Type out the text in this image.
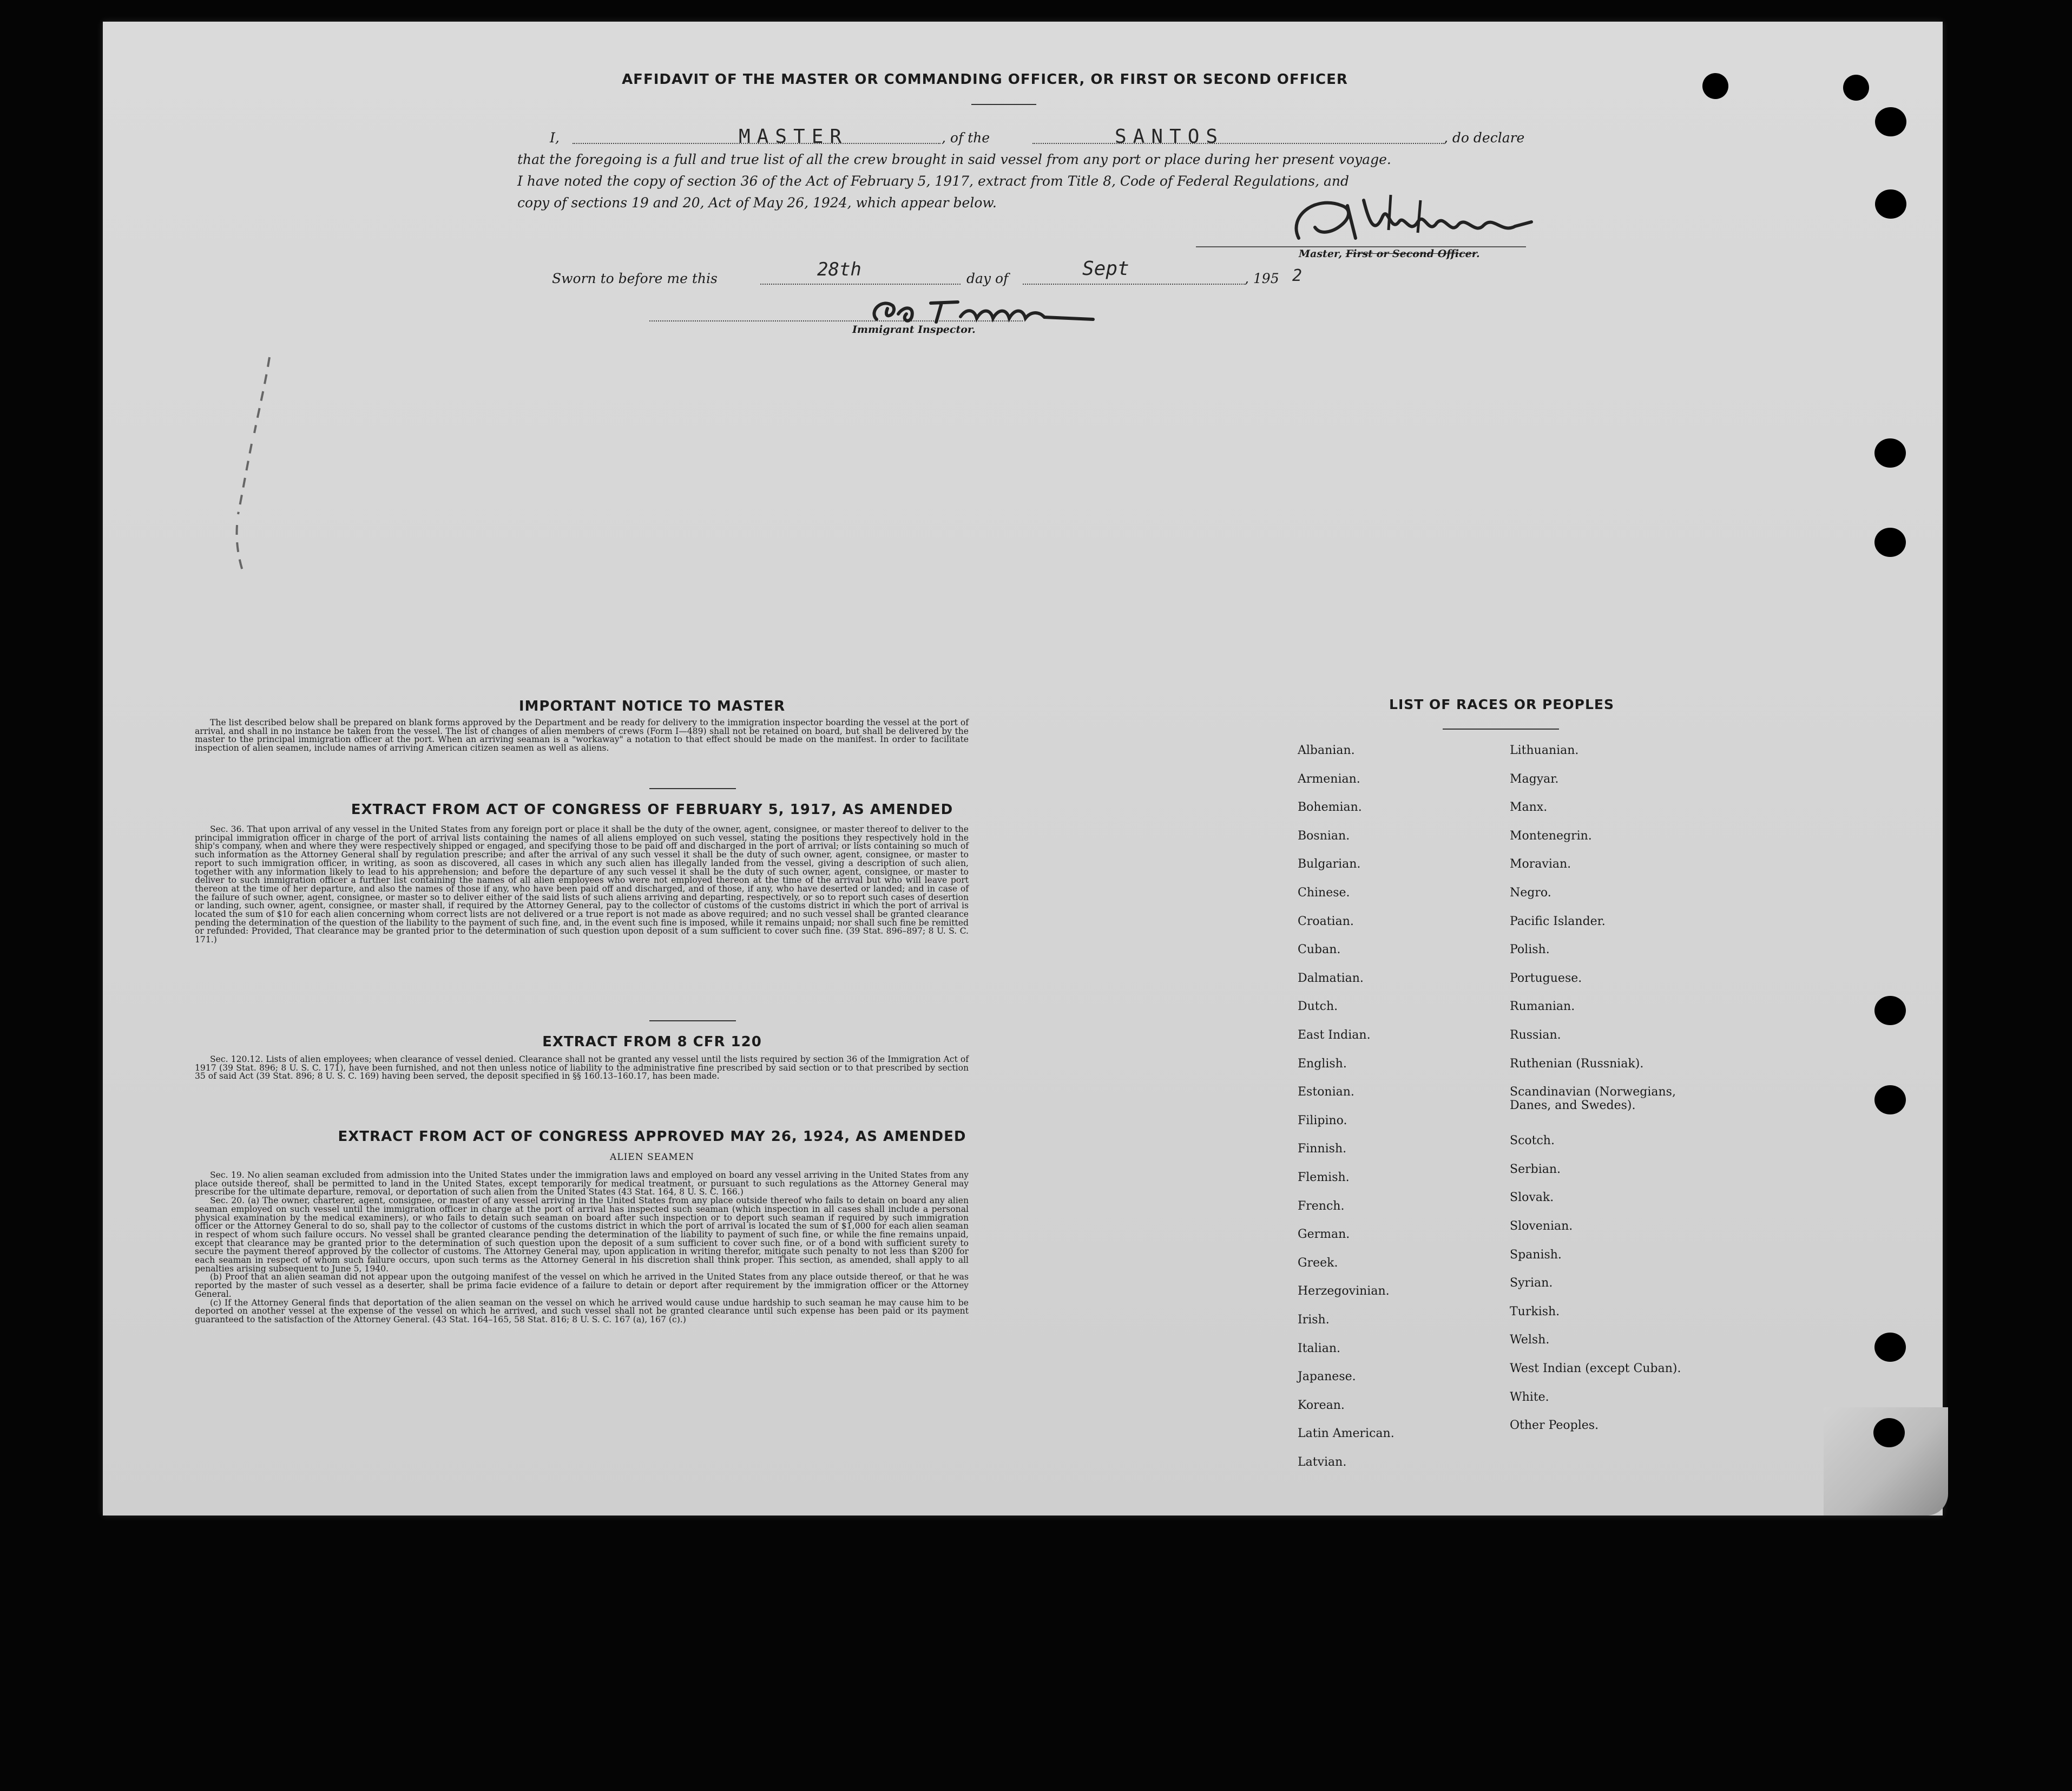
AFFIDAVIT OF THE MASTER OR COMMANDING OFFICER, OR FIRST OR SECOND OFFICER
I,	MASTER	, of the	SANTOS	, do declare
that the foregoing is a full and true list of all the crew brought in said vessel from any port or place during her present voyage.
I have noted the copy of section 36 of the Act of February 5, 1917, extract from Title 8, Code of Federal Regulations, and
copy of sections 19 and 20, Act of May 26, 1924, which appear below.
Master, First or Second Officer.
Sworn to before me this	28th	day of	Sept	, 195 2
Immigrant Inspector.
IMPORTANT NOTICE TO MASTER

The list described below shall be prepared on blank forms approved by the Department and be ready for delivery to the immigration inspector boarding the vessel at the port of arrival, and shall in no instance be taken from the vessel. The list of changes of alien members of crews (Form I—489) shall not be retained on board, but shall be delivered by the master to the principal immigration officer at the port. When an arriving seaman is a "workaway" a notation to that effect should be made on the manifest. In order to facilitate inspection of alien seamen, include names of arriving American citizen seamen as well as aliens.

EXTRACT FROM ACT OF CONGRESS OF FEBRUARY 5, 1917, AS AMENDED

Sec. 36. That upon arrival of any vessel in the United States from any foreign port or place it shall be the duty of the owner, agent, consignee, or master thereof to deliver to the principal immigration officer in charge of the port of arrival lists containing the names of all aliens employed on such vessel, stating the positions they respectively hold in the ship's company, when and where they were respectively shipped or engaged, and specifying those to be paid off and discharged in the port of arrival; or lists containing so much of such information as the Attorney General shall by regulation prescribe; and after the arrival of any such vessel it shall be the duty of such owner, agent, consignee, or master to report to such immigration officer, in writing, as soon as discovered, all cases in which any such alien has illegally landed from the vessel, giving a description of such alien, together with any information likely to lead to his apprehension; and before the departure of any such vessel it shall be the duty of such owner, agent, consignee, or master to deliver to such immigration officer a further list containing the names of all alien employees who were not employed thereon at the time of the arrival but who will leave port thereon at the time of her departure, and also the names of those if any, who have been paid off and discharged, and of those, if any, who have deserted or landed; and in case of the failure of such owner, agent, consignee, or master so to deliver either of the said lists of such aliens arriving and departing, respectively, or so to report such cases of desertion or landing, such owner, agent, consignee, or master shall, if required by the Attorney General, pay to the collector of customs of the customs district in which the port of arrival is located the sum of $10 for each alien concerning whom correct lists are not delivered or a true report is not made as above required; and no such vessel shall be granted clearance pending the determination of the question of the liability to the payment of such fine, and, in the event such fine is imposed, while it remains unpaid; nor shall such fine be remitted or refunded: Provided, That clearance may be granted prior to the determination of such question upon deposit of a sum sufficient to cover such fine. (39 Stat. 896–897; 8 U. S. C. 171.)

EXTRACT FROM 8 CFR 120

Sec. 120.12. Lists of alien employees; when clearance of vessel denied. Clearance shall not be granted any vessel until the lists required by section 36 of the Immigration Act of 1917 (39 Stat. 896; 8 U. S. C. 171), have been furnished, and not then unless notice of liability to the administrative fine prescribed by said section or to that prescribed by section 35 of said Act (39 Stat. 896; 8 U. S. C. 169) having been served, the deposit specified in §§ 160.13–160.17, has been made.

EXTRACT FROM ACT OF CONGRESS APPROVED MAY 26, 1924, AS AMENDED
ALIEN SEAMEN

Sec. 19. No alien seaman excluded from admission into the United States under the immigration laws and employed on board any vessel arriving in the United States from any place outside thereof, shall be permitted to land in the United States, except temporarily for medical treatment, or pursuant to such regulations as the Attorney General may prescribe for the ultimate departure, removal, or deportation of such alien from the United States (43 Stat. 164, 8 U. S. C. 166.)

Sec. 20. (a) The owner, charterer, agent, consignee, or master of any vessel arriving in the United States from any place outside thereof who fails to detain on board any alien seaman employed on such vessel until the immigration officer in charge at the port of arrival has inspected such seaman (which inspection in all cases shall include a personal physical examination by the medical examiners), or who fails to detain such seaman on board after such inspection or to deport such seaman if required by such immigration officer or the Attorney General to do so, shall pay to the collector of customs of the customs district in which the port of arrival is located the sum of $1,000 for each alien seaman in respect of whom such failure occurs. No vessel shall be granted clearance pending the determination of the liability to payment of such fine, or while the fine remains unpaid, except that clearance may be granted prior to the determination of such question upon the deposit of a sum sufficient to cover such fine, or of a bond with sufficient surety to secure the payment thereof approved by the collector of customs. The Attorney General may, upon application in writing therefor, mitigate such penalty to not less than $200 for each seaman in respect of whom such failure occurs, upon such terms as the Attorney General in his discretion shall think proper. This section, as amended, shall apply to all penalties arising subsequent to June 5, 1940.

(b) Proof that an alien seaman did not appear upon the outgoing manifest of the vessel on which he arrived in the United States from any place outside thereof, or that he was reported by the master of such vessel as a deserter, shall be prima facie evidence of a failure to detain or deport after requirement by the immigration officer or the Attorney General.

(c) If the Attorney General finds that deportation of the alien seaman on the vessel on which he arrived would cause undue hardship to such seaman he may cause him to be deported on another vessel at the expense of the vessel on which he arrived, and such vessel shall not be granted clearance until such expense has been paid or its payment guaranteed to the satisfaction of the Attorney General. (43 Stat. 164–165, 58 Stat. 816; 8 U. S. C. 167 (a), 167 (c).)

LIST OF RACES OR PEOPLES
Albanian.
Armenian.
Bohemian.
Bosnian.
Bulgarian.
Chinese.
Croatian.
Cuban.
Dalmatian.
Dutch.
East Indian.
English.
Estonian.
Filipino.
Finnish.
Flemish.
French.
German.
Greek.
Herzegovinian.
Irish.
Italian.
Japanese.
Korean.
Latin American.
Latvian.
Lithuanian.
Magyar.
Manx.
Montenegrin.
Moravian.
Negro.
Pacific Islander.
Polish.
Portuguese.
Rumanian.
Russian.
Ruthenian (Russniak).
Scandinavian (Norwegians, Danes, and Swedes).
Scotch.
Serbian.
Slovak.
Slovenian.
Spanish.
Syrian.
Turkish.
Welsh.
West Indian (except Cuban).
White.
Other Peoples.
